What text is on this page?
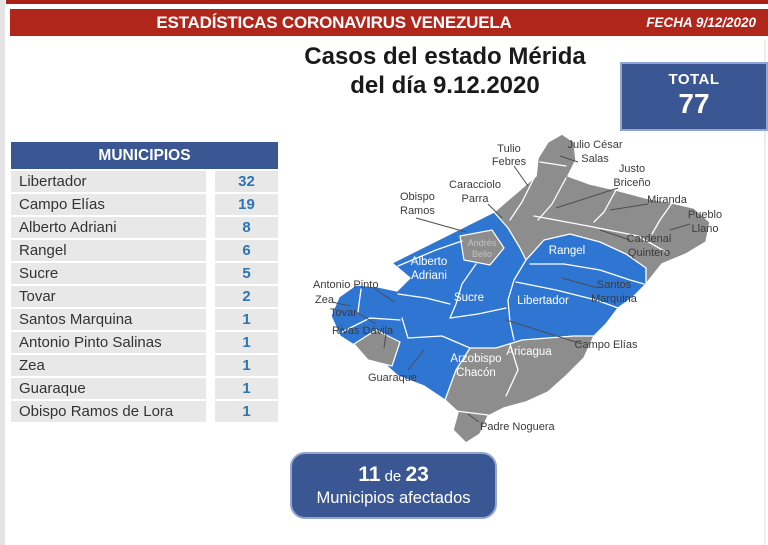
ESTADÍSTICAS CORONAVIRUS VENEZUELA	FECHA 9/12/2020
Casos del estado Mérida
del día 9.12.2020	TOTAL
77
MUNICIPIOS
Libertador	32
Campo Elías	19
Alberto Adriani	8
Rangel	6
Sucre	5
Tovar	2
Santos Marquina	1
Antonio Pinto Salinas	1
Zea	1
Guaraque	1
Obispo Ramos de Lora	1
Tulio Febres
Julio César Salas
Justo Briceño
Miranda
Pueblo Llano
Cardenal Quintero
Santos Marquina
Campo Elías
Obispo Ramos
Caracciolo Parra
Antonio Pinto
Zea
Tovar
Rivas Dávila
Guaraque
Padre Noguera
Alberto Adriani
Sucre	Libertador
Rangel
Andrés Bello
Aricagua
Arzobispo Chacón
11 de 23
Municipios afectados
